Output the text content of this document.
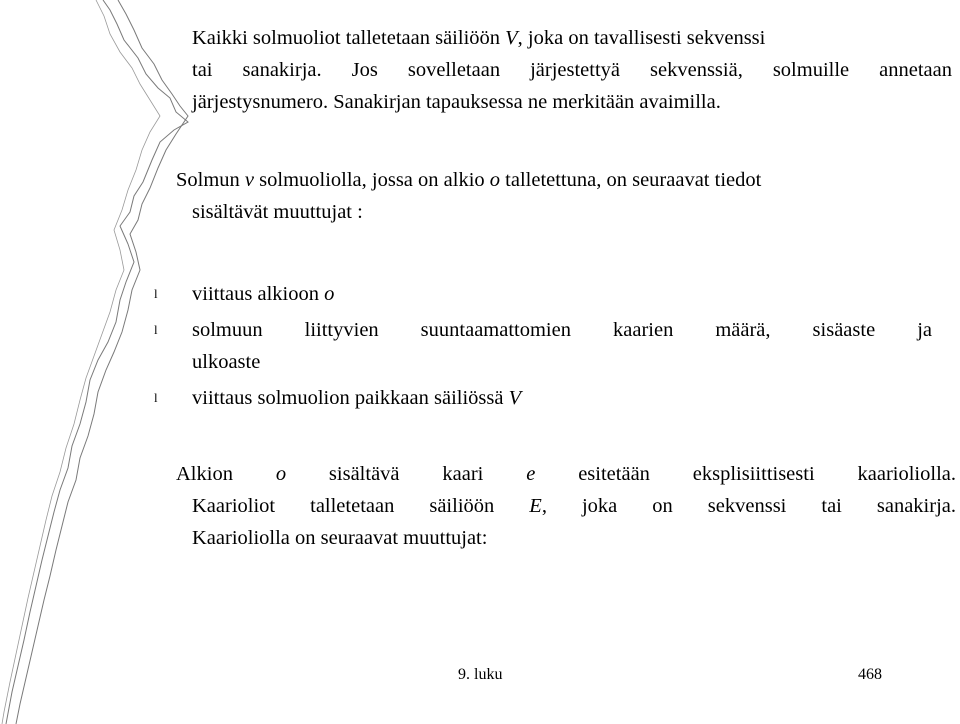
Kaikki solmuoliot talletetaan säiliöön V, joka on tavallisesti sekvenssi
tai sanakirja. Jos sovelletaan järjestettyä sekvenssiä, solmuille annetaan
järjestysnumero. Sanakirjan tapauksessa ne merkitään avaimilla.
Solmun v solmuoliolla, jossa on alkio o talletettuna, on seuraavat tiedot
sisältävät muuttujat :
l viittaus alkioon o
l solmuun liittyvien suuntaamattomien kaarien määrä, sisäaste ja
ulkoaste
l viittaus solmuolion paikkaan säiliössä V
Alkion o sisältävä kaari e esitetään eksplisiittisesti kaarioliolla.
Kaarioliot talletetaan säiliöön E, joka on sekvenssi tai sanakirja.
Kaarioliolla on seuraavat muuttujat:
9. luku	468
